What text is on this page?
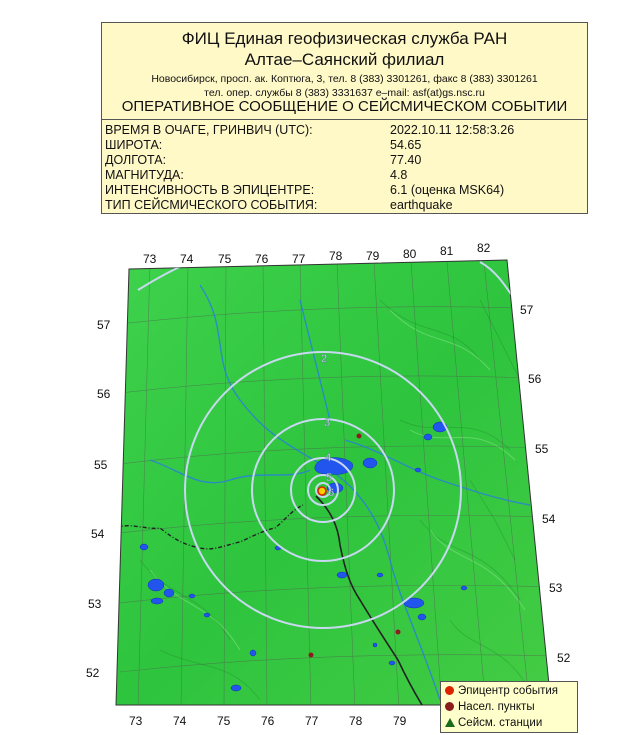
ФИЦ Единая геофизическая служба РАН
Алтае–Саянский филиал
Новосибирск, просп. ак. Коптюга, 3, тел. 8 (383) 3301261, факс 8 (383) 3301261
тел. опер. службы 8 (383) 3331637 e–mail: asf(at)gs.nsc.ru
ОПЕРАТИВНОЕ СООБЩЕНИЕ О СЕЙСМИЧЕСКОМ СОБЫТИИ
ВРЕМЯ В ОЧАГЕ, ГРИНВИЧ (UTC):	2022.10.11 12:58:3.26
ШИРОТА:	54.65
ДОЛГОТА:	77.40
МАГНИТУДА:	4.8
ИНТЕНСИВНОСТЬ В ЭПИЦЕНТРЕ:	6.1 (оценка MSK64)
ТИП СЕЙСМИЧЕСКОГО СОБЫТИЯ:	earthquake
2
3
4
5
6
73 74 75 76 77 78 79 80 81 82
73	74	75	76	77	78	79
57
56
55
54
53
52
57
56
55
54
53
52
Эпицентр события
Насел. пункты
Сейсм. станции
